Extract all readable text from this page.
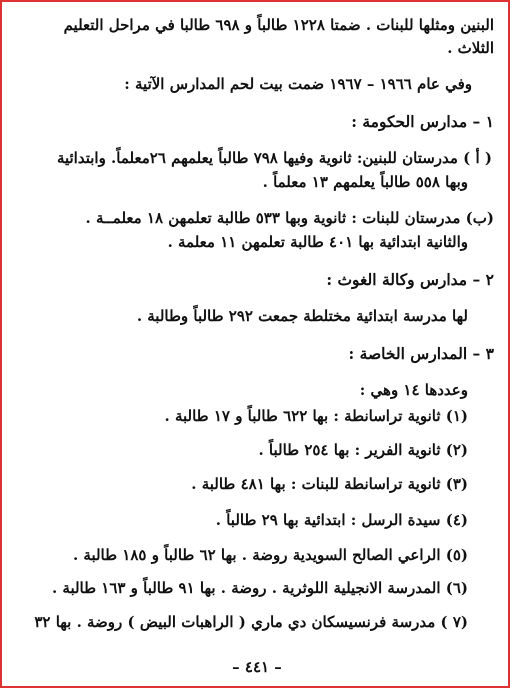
البنين ومثلها للبنات . ضمتا ١٢٢٨ طالباً و ٦٩٨ طالبا في مراحل التعليم
الثلاث .
وفي عام ١٩٦٦ – ١٩٦٧ ضمت بيت لحم المدارس الآتية :
١ – مدارس الحكومة :
( أ ) مدرستان للبنين: ثانوية وفيها ٧٩٨ طالباً يعلمهم ٢٦معلماً. وابتدائية
وبها ٥٥٨ طالباً يعلمهم ١٣ معلماً .
(ب) مدرستان للبنات : ثانوية وبها ٥٣٣ طالبة تعلمهن ١٨ معلمــة .
والثانية ابتدائية بها ٤٠١ طالبة تعلمهن ١١ معلمة .
٢ – مدارس وكالة الغوث :
لها مدرسة ابتدائية مختلطة جمعت ٢٩٢ طالباً وطالبة .
٣ – المدارس الخاصة :
وعددها ١٤ وهي :
(١) ثانوية تراسانطة : بها ٦٢٢ طالباً و ١٧ طالبة .
(٢) ثانوية الفرير : بها ٢٥٤ طالباً .
(٣) ثانوية تراسانطة للبنات : بها ٤٨١ طالبة .
(٤) سيدة الرسل : ابتدائية بها ٢٩ طالباً .
(٥) الراعي الصالح السويدية روضة . بها ٦٢ طالباً و ١٨٥ طالبة .
(٦) المدرسة الانجيلية اللوثرية . روضة . بها ٩١ طالباً و ١٦٣ طالبة .
(٧ ) مدرسة فرنسيسكان دي ماري ( الراهبات البيض ) روضة . بها ٣٢
– ٤٤١ –
